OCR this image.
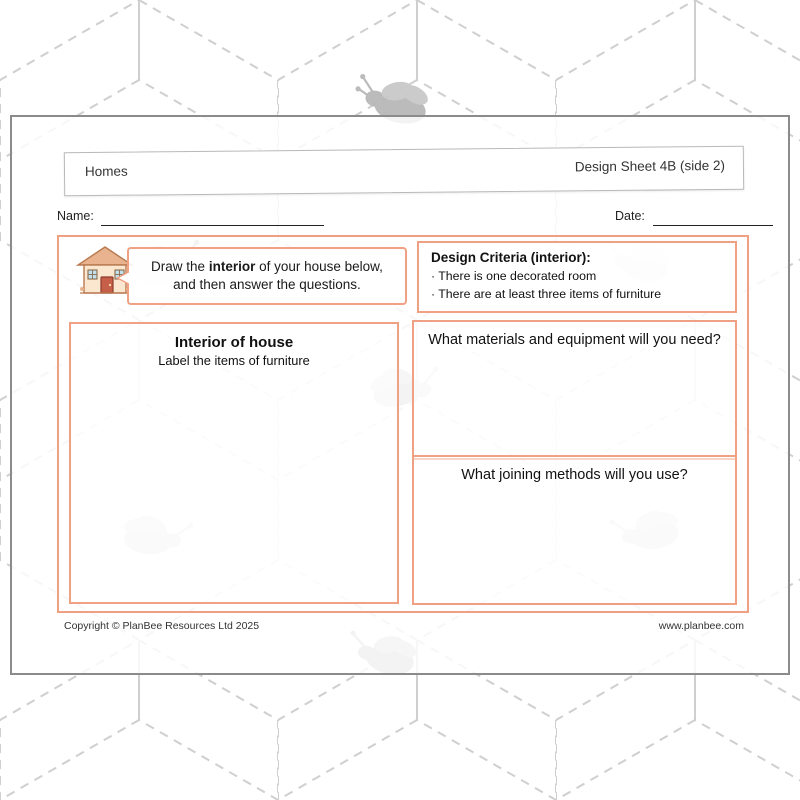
Homes	Design Sheet 4B (side 2)
Name:	Date:
Draw the interior of your house below,
and then answer the questions.
Design Criteria (interior):
· There is one decorated room
· There are at least three items of furniture
Interior of house
Label the items of furniture
What materials and equipment will you need?
What joining methods will you use?
Copyright © PlanBee Resources Ltd 2025	www.planbee.com
